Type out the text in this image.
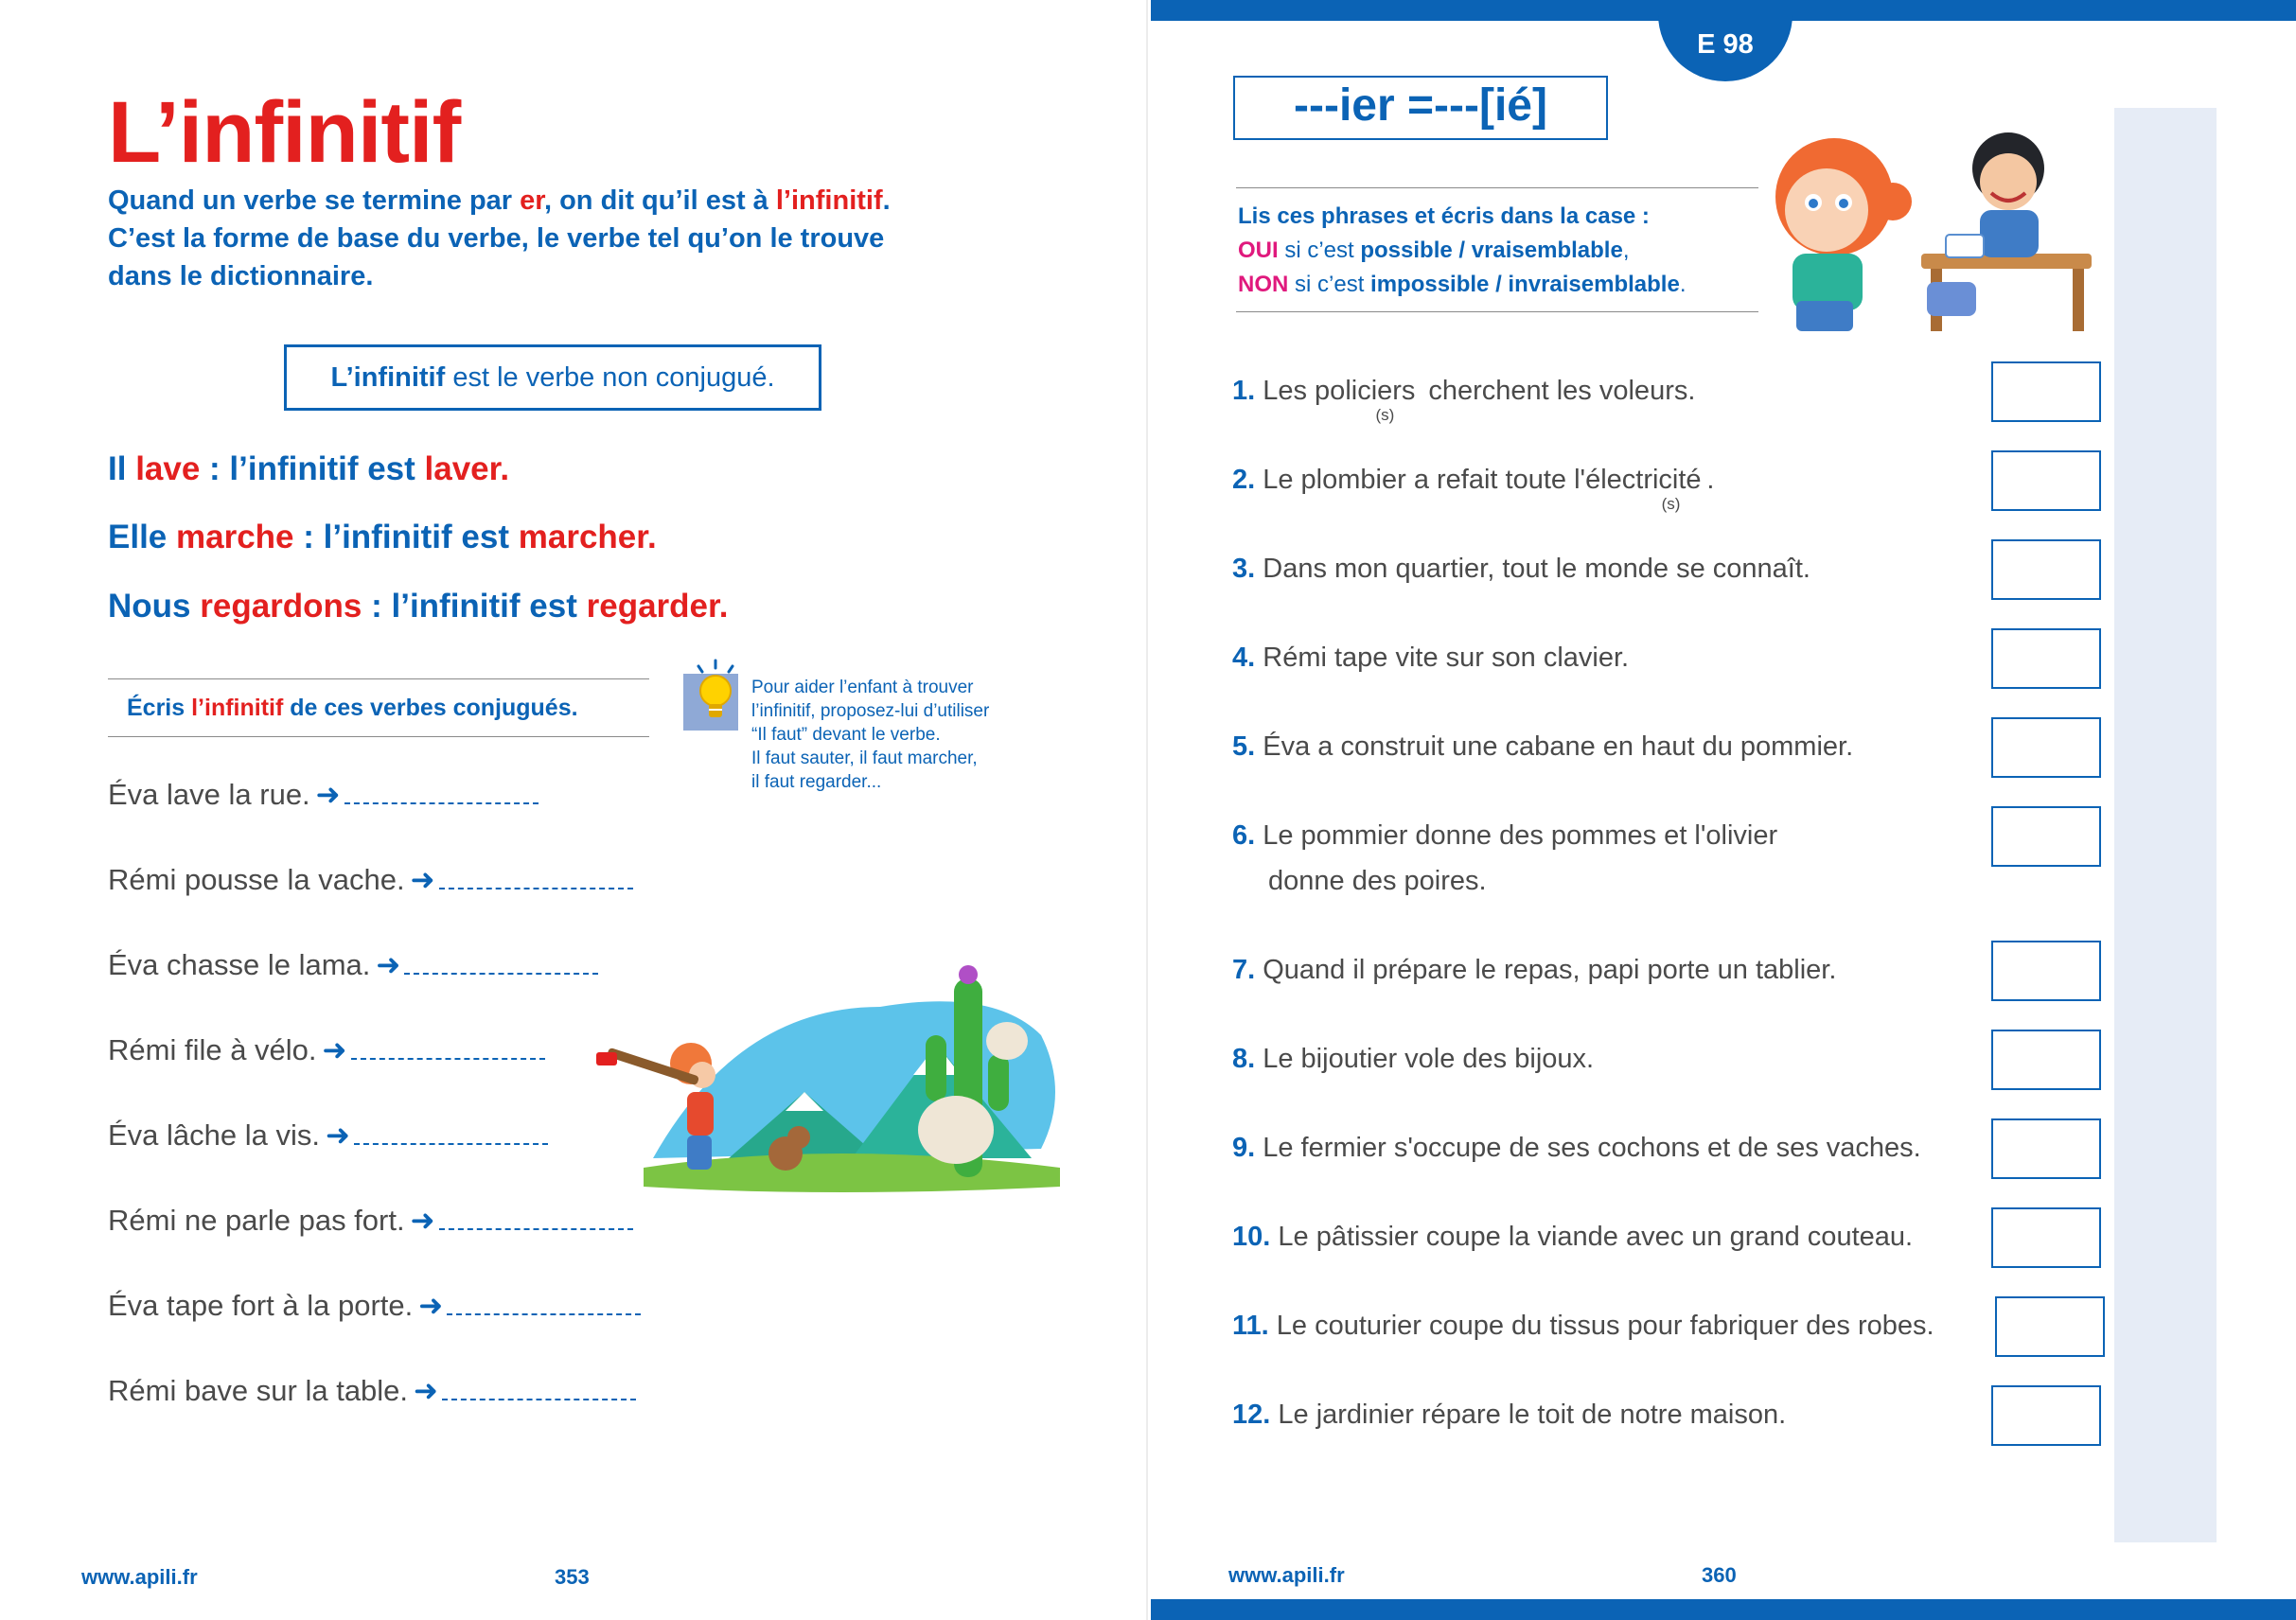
L’infinitif
Quand un verbe se termine par er, on dit qu’il est à l’infinitif.
C’est la forme de base du verbe, le verbe tel qu’on le trouve
dans le dictionnaire.
L’infinitif est le verbe non conjugué.
Il lave : l’infinitif est laver.
Elle marche : l’infinitif est marcher.
Nous regardons : l’infinitif est regarder.
Écris l’infinitif de ces verbes conjugués.
Pour aider l’enfant à trouver
l’infinitif, proposez-lui d’utiliser
“Il faut” devant le verbe.
Il faut sauter, il faut marcher,
il faut regarder...
Éva lave la rue. ➜
Rémi pousse la vache. ➜
Éva chasse le lama. ➜
Rémi file à vélo. ➜
Éva lâche la vis. ➜
Rémi ne parle pas fort. ➜
Éva tape fort à la porte. ➜
Rémi bave sur la table. ➜
www.apili.fr	353
E 98
---ier =---[ié]
Lis ces phrases et écris dans la case :
OUI si c’est possible / vraisemblable,
NON si c’est impossible / invraisemblable.
1. Les policiers$_{(s)}$ cherchent les voleurs.
2. Le plombier a refait toute l'électricité$_{(s)}$.
3. Dans mon quartier, tout le monde se connaît.
4. Rémi tape vite sur son clavier.
5. Éva a construit une cabane en haut du pommier.
6. Le pommier donne des pommes et l'olivier
donne des poires.
7. Quand il prépare le repas, papi porte un tablier.
8. Le bijoutier vole des bijoux.
9. Le fermier s'occupe de ses cochons et de ses vaches.
10. Le pâtissier coupe la viande avec un grand couteau.
11. Le couturier coupe du tissus pour fabriquer des robes.
12. Le jardinier répare le toit de notre maison.
www.apili.fr	360
